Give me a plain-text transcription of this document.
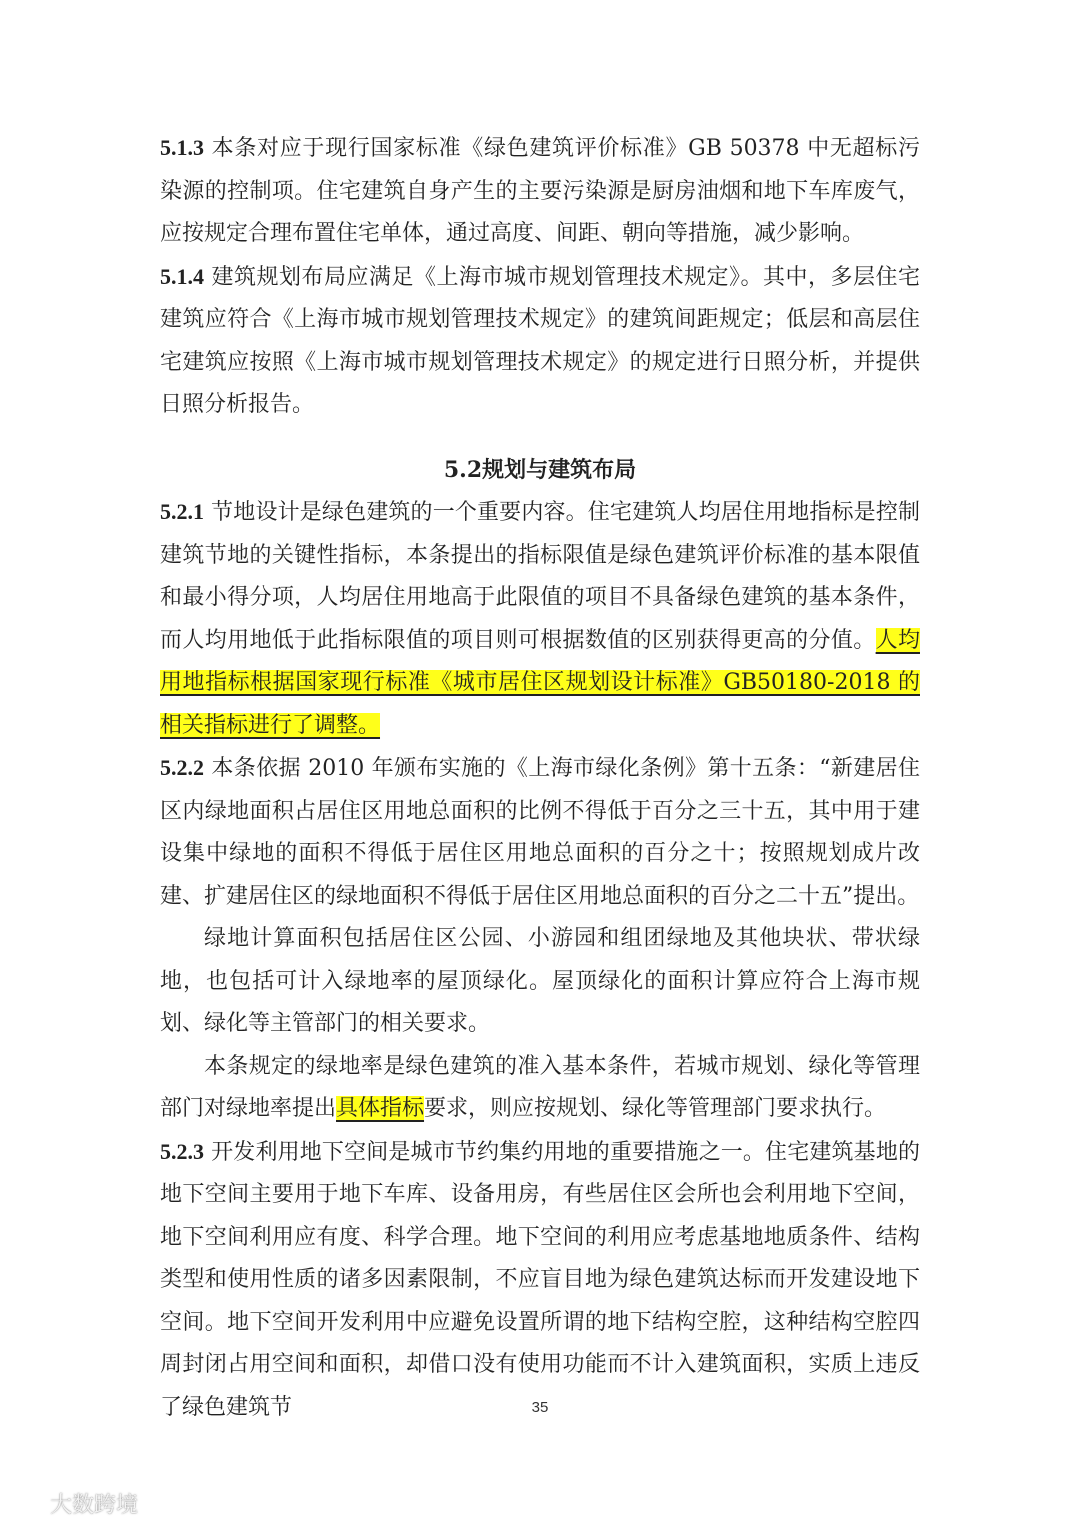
5.1.3 本条对应于现行国家标准《绿色建筑评价标准》GB 50378 中无超标污染源的控制项。住宅建筑自身产生的主要污染源是厨房油烟和地下车库废气，应按规定合理布置住宅单体，通过高度、间距、朝向等措施，减少影响。

5.1.4 建筑规划布局应满足《上海市城市规划管理技术规定》。其中，多层住宅建筑应符合《上海市城市规划管理技术规定》的建筑间距规定；低层和高层住宅建筑应按照《上海市城市规划管理技术规定》的规定进行日照分析，并提供日照分析报告。

5.2规划与建筑布局

5.2.1 节地设计是绿色建筑的一个重要内容。住宅建筑人均居住用地指标是控制建筑节地的关键性指标，本条提出的指标限值是绿色建筑评价标准的基本限值和最小得分项，人均居住用地高于此限值的项目不具备绿色建筑的基本条件，而人均用地低于此指标限值的项目则可根据数值的区别获得更高的分值。人均用地指标根据国家现行标准《城市居住区规划设计标准》GB50180-2018 的相关指标进行了调整。

5.2.2 本条依据 2010 年颁布实施的《上海市绿化条例》第十五条：“新建居住区内绿地面积占居住区用地总面积的比例不得低于百分之三十五，其中用于建设集中绿地的面积不得低于居住区用地总面积的百分之十；按照规划成片改建、扩建居住区的绿地面积不得低于居住区用地总面积的百分之二十五”提出。

绿地计算面积包括居住区公园、小游园和组团绿地及其他块状、带状绿地，也包括可计入绿地率的屋顶绿化。屋顶绿化的面积计算应符合上海市规划、绿化等主管部门的相关要求。

本条规定的绿地率是绿色建筑的准入基本条件，若城市规划、绿化等管理部门对绿地率提出具体指标要求，则应按规划、绿化等管理部门要求执行。

5.2.3 开发利用地下空间是城市节约集约用地的重要措施之一。住宅建筑基地的地下空间主要用于地下车库、设备用房，有些居住区会所也会利用地下空间，地下空间利用应有度、科学合理。地下空间的利用应考虑基地地质条件、结构类型和使用性质的诸多因素限制，不应盲目地为绿色建筑达标而开发建设地下空间。地下空间开发利用中应避免设置所谓的地下结构空腔，这种结构空腔四周封闭占用空间和面积，却借口没有使用功能而不计入建筑面积，实质上违反了绿色建筑节	35
大数跨境
